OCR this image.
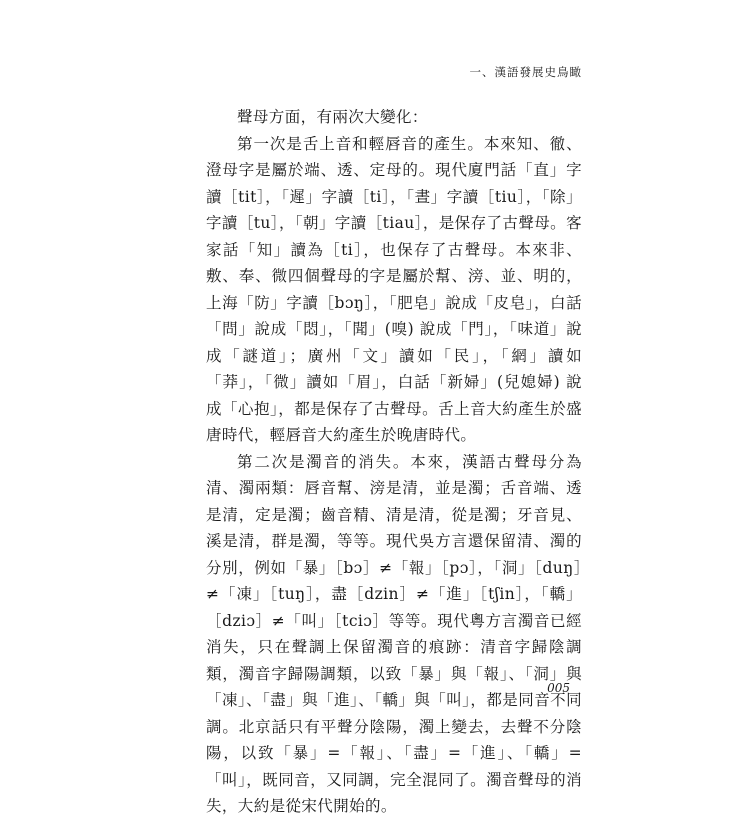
一、漢語發展史鳥瞰

聲母方面，有兩次大變化：

第一次是舌上音和輕唇音的產生。本來知、徹、澄母字是屬於端、透、定母的。現代廈門話「直」字讀［tit］，「遲」字讀［ti］，「晝」字讀［tiu］，「除」字讀［tu］，「朝」字讀［tiau］，是保存了古聲母。客家話「知」讀為［ti］，也保存了古聲母。本來非、敷、奉、微四個聲母的字是屬於幫、滂、並、明的，上海「防」字讀［bɔŋ］，「肥皂」說成「皮皂」，白話「問」說成「悶」，「聞」(嗅) 說成「門」，「味道」說成「謎道」；廣州「文」讀如「民」，「網」讀如「莽」，「微」讀如「眉」，白話「新婦」(兒媳婦) 說成「心抱」，都是保存了古聲母。舌上音大約產生於盛唐時代，輕唇音大約產生於晚唐時代。

第二次是濁音的消失。本來，漢語古聲母分為清、濁兩類：唇音幫、滂是清，並是濁；舌音端、透是清，定是濁；齒音精、清是清，從是濁；牙音見、溪是清，群是濁，等等。現代吳方言還保留清、濁的分別，例如「暴」［bɔ］≠「報」［pɔ］，「洞」［duŋ］≠「凍」［tuŋ］，盡［dzin］≠「進」［tʃin］，「轎」［dziɔ］≠「叫」［tciɔ］等等。現代粵方言濁音已經消失，只在聲調上保留濁音的痕跡：清音字歸陰調類，濁音字歸陽調類，以致「暴」與「報」、「洞」與「凍」、「盡」與「進」、「轎」與「叫」，都是同音不同調。北京話只有平聲分陰陽，濁上變去，去聲不分陰陽，以致「暴」=「報」、「盡」=「進」、「轎」=「叫」，既同音，又同調，完全混同了。濁音聲母的消失，大約是從宋代開始的。

005
